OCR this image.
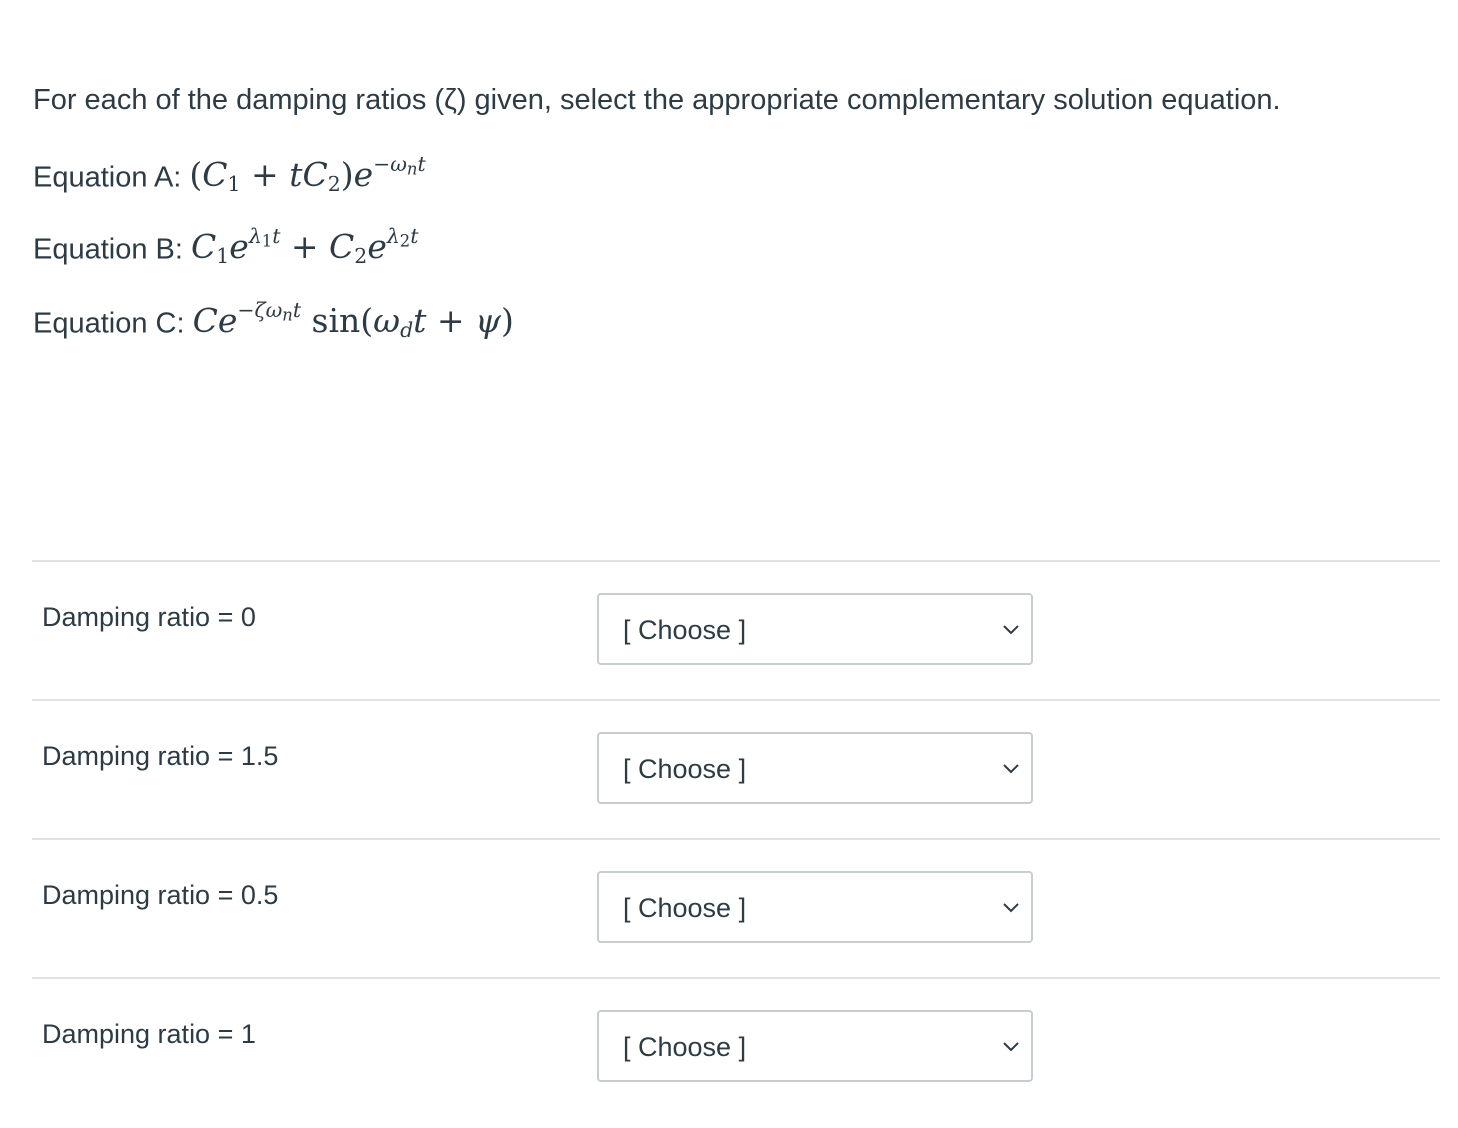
For each of the damping ratios (ζ) given, select the appropriate complementary solution equation.
Equation A: $(C_1 + tC_2)e^{-\omega_nt}$
Equation B: $C_1e^{\lambda_1t} + C_2e^{\lambda_2t}$
Equation C: $Ce^{-\zeta\omega_nt}$ $\sin(\omega_dt + \psi)$
Damping ratio = 0	[ Choose ]
Damping ratio = 1.5	[ Choose ]
Damping ratio = 0.5	[ Choose ]
Damping ratio = 1	[ Choose ]
